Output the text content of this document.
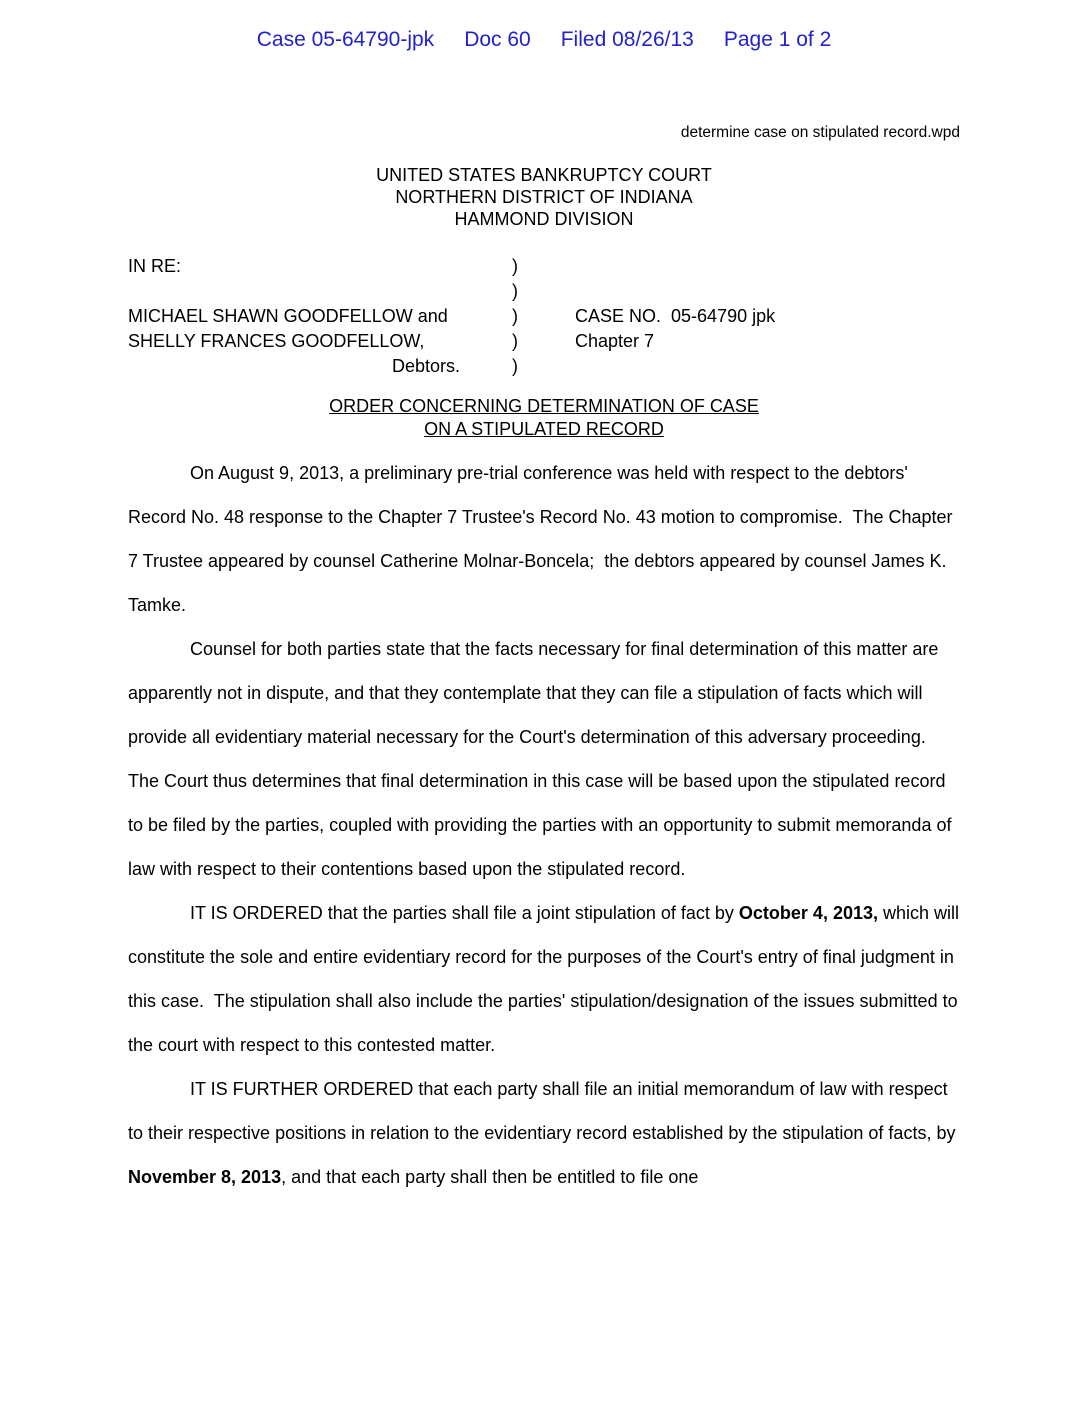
Case 05-64790-jpk Doc 60 Filed 08/26/13 Page 1 of 2
determine case on stipulated record.wpd
UNITED STATES BANKRUPTCY COURT
NORTHERN DISTRICT OF INDIANA
HAMMOND DIVISION
IN RE:	)
)
MICHAEL SHAWN GOODFELLOW and	)	CASE NO.  05-64790 jpk
SHELLY FRANCES GOODFELLOW,	)	Chapter 7
Debtors.	)
ORDER CONCERNING DETERMINATION OF CASE
ON A STIPULATED RECORD

On August 9, 2013, a preliminary pre-trial conference was held with respect to the debtors' Record No. 48 response to the Chapter 7 Trustee's Record No. 43 motion to compromise.  The Chapter 7 Trustee appeared by counsel Catherine Molnar-Boncela;  the debtors appeared by counsel James K. Tamke.

Counsel for both parties state that the facts necessary for final determination of this matter are apparently not in dispute, and that they contemplate that they can file a stipulation of facts which will provide all evidentiary material necessary for the Court's determination of this adversary proceeding.  The Court thus determines that final determination in this case will be based upon the stipulated record to be filed by the parties, coupled with providing the parties with an opportunity to submit memoranda of law with respect to their contentions based upon the stipulated record.

IT IS ORDERED that the parties shall file a joint stipulation of fact by October 4, 2013, which will constitute the sole and entire evidentiary record for the purposes of the Court's entry of final judgment in this case.  The stipulation shall also include the parties' stipulation/designation of the issues submitted to the court with respect to this contested matter.

IT IS FURTHER ORDERED that each party shall file an initial memorandum of law with respect to their respective positions in relation to the evidentiary record established by the stipulation of facts, by November 8, 2013, and that each party shall then be entitled to file one
